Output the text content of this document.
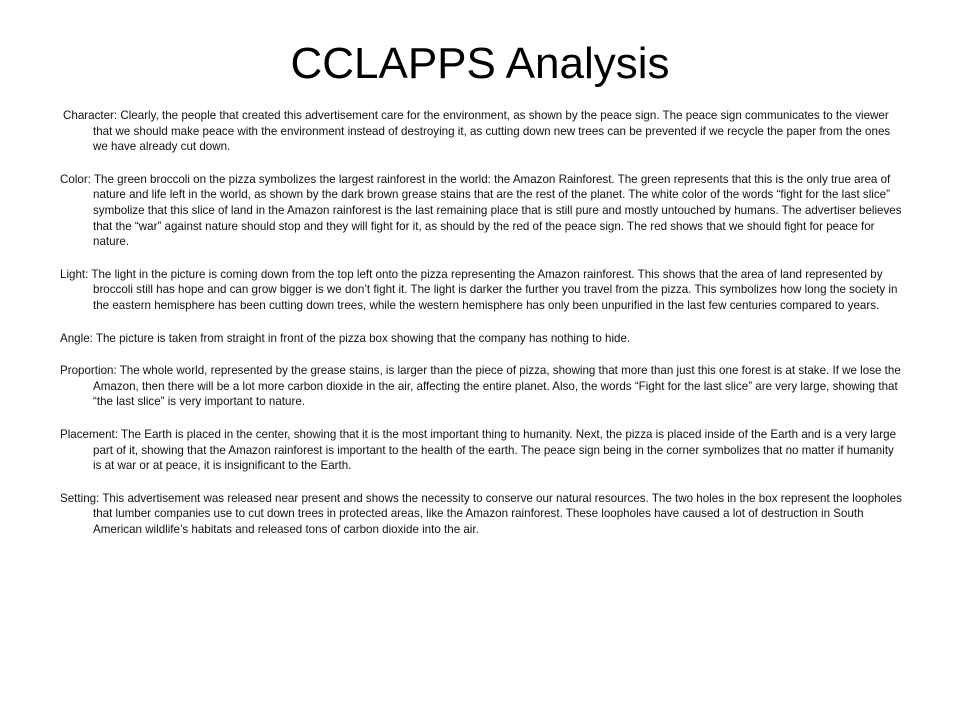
CCLAPPS Analysis

Character: Clearly, the people that created this advertisement care for the environment, as shown by the peace sign. The peace sign communicates to the viewer that we should make peace with the environment instead of destroying it, as cutting down new trees can be prevented if we recycle the paper from the ones we have already cut down.

Color: The green broccoli on the pizza symbolizes the largest rainforest in the world: the Amazon Rainforest. The green represents that this is the only true area of nature and life left in the world, as shown by the dark brown grease stains that are the rest of the planet. The white color of the words “fight for the last slice” symbolize that this slice of land in the Amazon rainforest is the last remaining place that is still pure and mostly untouched by humans. The advertiser believes that the “war” against nature should stop and they will fight for it, as should by the red of the peace sign. The red shows that we should fight for peace for nature.

Light: The light in the picture is coming down from the top left onto the pizza representing the Amazon rainforest. This shows that the area of land represented by broccoli still has hope and can grow bigger is we don’t fight it. The light is darker the further you travel from the pizza. This symbolizes how long the society in the eastern hemisphere has been cutting down trees, while the western hemisphere has only been unpurified in the last few centuries compared to years.

Angle: The picture is taken from straight in front of the pizza box showing that the company has nothing to hide.

Proportion: The whole world, represented by the grease stains, is larger than the piece of pizza, showing that more than just this one forest is at stake. If we lose the Amazon, then there will be a lot more carbon dioxide in the air, affecting the entire planet. Also, the words “Fight for the last slice” are very large, showing that “the last slice” is very important to nature.

Placement: The Earth is placed in the center, showing that it is the most important thing to humanity. Next, the pizza is placed inside of the Earth and is a very large part of it, showing that the Amazon rainforest is important to the health of the earth. The peace sign being in the corner symbolizes that no matter if humanity is at war or at peace, it is insignificant to the Earth.

Setting: This advertisement was released near present and shows the necessity to conserve our natural resources. The two holes in the box represent the loopholes that lumber companies use to cut down trees in protected areas, like the Amazon rainforest. These loopholes have caused a lot of destruction in South American wildlife’s habitats and released tons of carbon dioxide into the air.
